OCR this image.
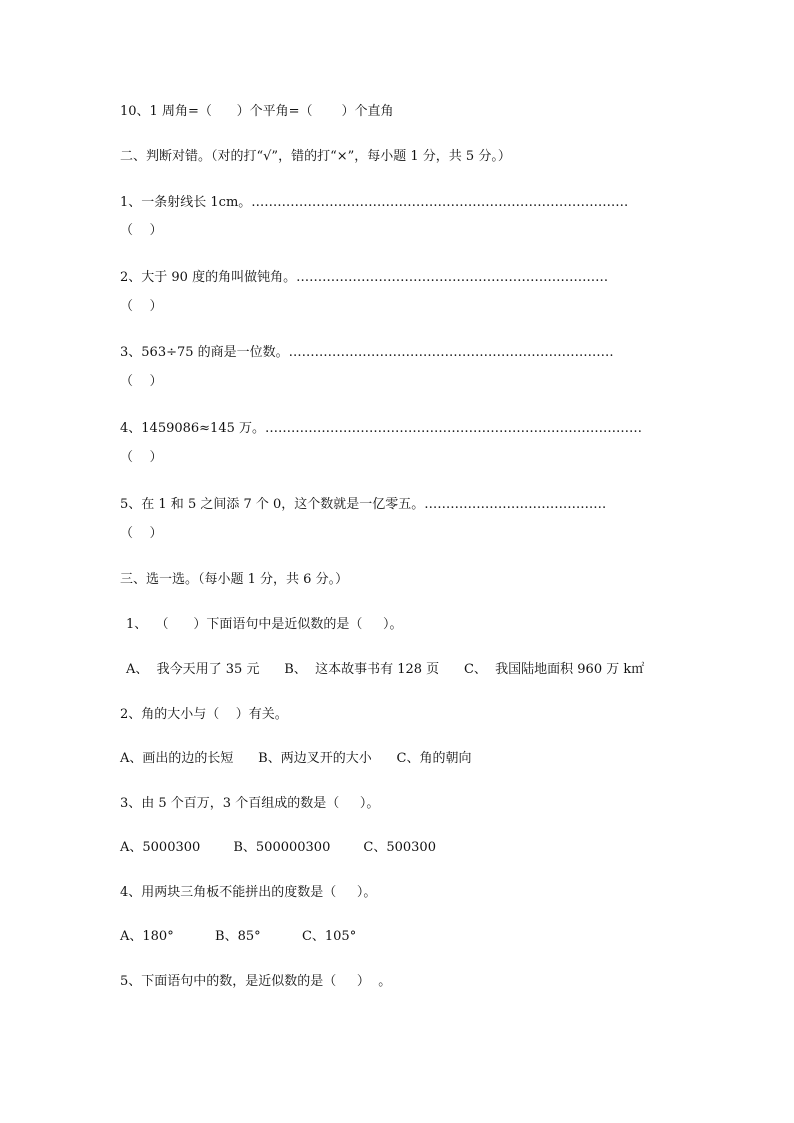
10、1 周角=（      ）个平角=（       ）个直角
二、判断对错。（对的打“√”，错的打“×”，每小题 1 分，共 5 分。）
1、一条射线长 1cm。……………………………………………………………………………
（    ）
2、大于 90 度的角叫做钝角。………………………………………………………………
（    ）
3、563÷75 的商是一位数。…………………………………………………………………
（    ）
4、1459086≈145 万。……………………………………………………………………………
（    ）
5、在 1 和 5 之间添 7 个 0，这个数就是一亿零五。……………………………………
（    ）
三、选一选。（每小题 1 分，共 6 分。）
1、  （      ）下面语句中是近似数的是（     ）。
A、  我今天用了 35 元      B、  这本故事书有 128 页      C、  我国陆地面积 960 万 k㎡
2、角的大小与（    ）有关。
A、画出的边的长短      B、两边叉开的大小      C、角的朝向
3、由 5 个百万，3 个百组成的数是（     ）。
A、5000300        B、500000300        C、500300
4、用两块三角板不能拼出的度数是（     ）。
A、180°          B、85°          C、105°
5、下面语句中的数，是近似数的是（     ）  。
